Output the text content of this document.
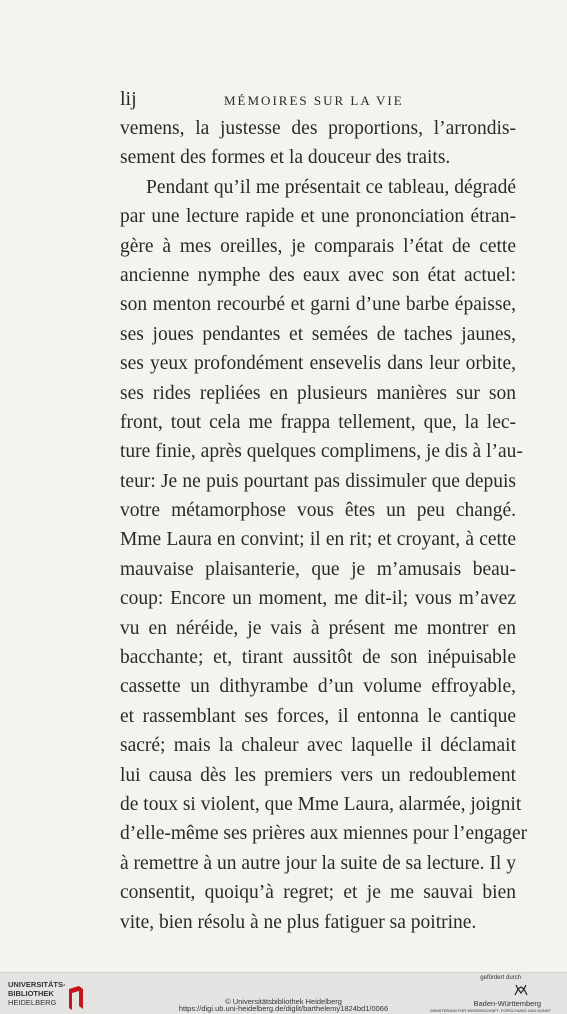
lij	MÉMOIRES SUR LA VIE
vemens, la justesse des proportions, l’arrondis-
sement des formes et la douceur des traits.
Pendant qu’il me présentait ce tableau, dégradé
par une lecture rapide et une prononciation étran-
gère à mes oreilles, je comparais l’état de cette
ancienne nymphe des eaux avec son état actuel:
son menton recourbé et garni d’une barbe épaisse,
ses joues pendantes et semées de taches jaunes,
ses yeux profondément ensevelis dans leur orbite,
ses rides repliées en plusieurs manières sur son
front, tout cela me frappa tellement, que, la lec-
ture finie, après quelques complimens, je dis à l’au-
teur: Je ne puis pourtant pas dissimuler que depuis
votre métamorphose vous êtes un peu changé.
Mme Laura en convint; il en rit; et croyant, à cette
mauvaise plaisanterie, que je m’amusais beau-
coup: Encore un moment, me dit-il; vous m’avez
vu en néréide, je vais à présent me montrer en
bacchante; et, tirant aussitôt de son inépuisable
cassette un dithyrambe d’un volume effroyable,
et rassemblant ses forces, il entonna le cantique
sacré; mais la chaleur avec laquelle il déclamait
lui causa dès les premiers vers un redoublement
de toux si violent, que Mme Laura, alarmée, joignit
d’elle-même ses prières aux miennes pour l’engager
à remettre à un autre jour la suite de sa lecture. Il y
consentit, quoiqu’à regret; et je me sauvai bien
vite, bien résolu à ne plus fatiguer sa poitrine.
UNIVERSITÄTS-
BIBLIOTHEK
HEIDELBERG	© Universitätsbibliothek Heidelberg
https://digi.ub.uni-heidelberg.de/diglit/barthelemy1824bd1/0066
gefördert durch
Baden-Württemberg
MINISTERIUM FÜR WISSENSCHAFT, FORSCHUNG UND KUNST
